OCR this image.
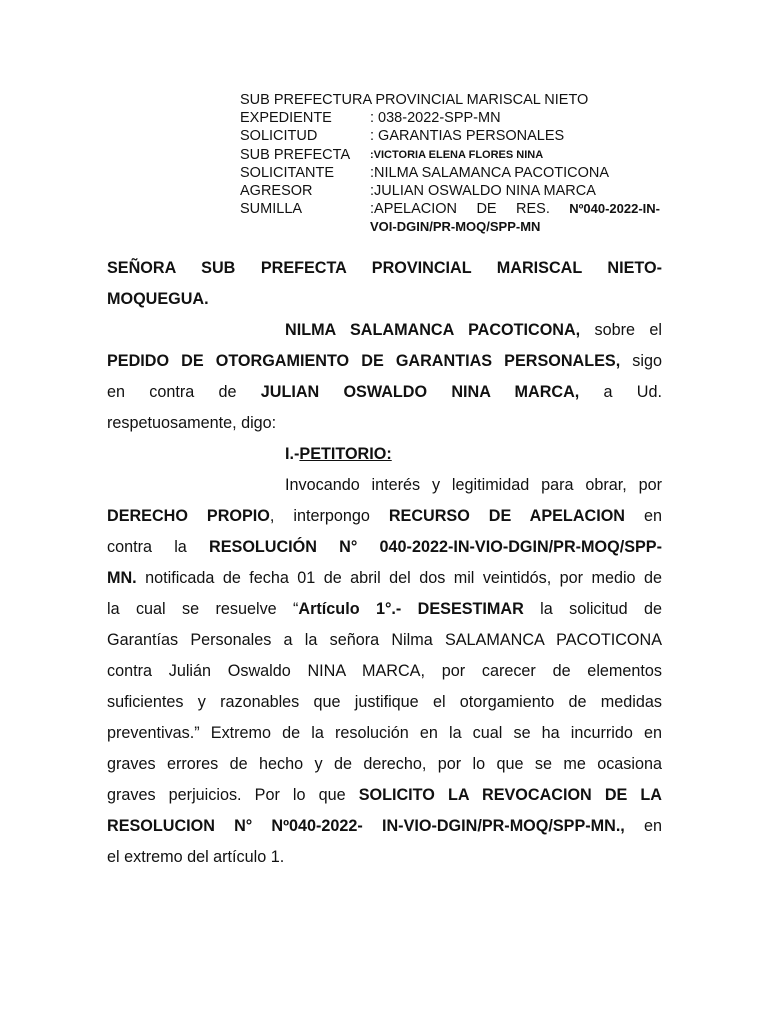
SUB PREFECTURA PROVINCIAL MARISCAL NIETO
EXPEDIENTE	: 038-2022-SPP-MN
SOLICITUD	: GARANTIAS PERSONALES
SUB PREFECTA	:VICTORIA ELENA FLORES NINA
SOLICITANTE	:NILMA SALAMANCA PACOTICONA
AGRESOR	:JULIAN OSWALDO NINA MARCA
SUMILLA	:APELACION DE RES. Nº040-2022-IN-
VOI-DGIN/PR-MOQ/SPP-MN
SEÑORA SUB PREFECTA PROVINCIAL MARISCAL NIETO-
MOQUEGUA.
NILMA SALAMANCA PACOTICONA, sobre el
PEDIDO DE OTORGAMIENTO DE GARANTIAS PERSONALES, sigo
en contra de JULIAN OSWALDO NINA MARCA, a Ud.
respetuosamente, digo:
I.-PETITORIO:
Invocando interés y legitimidad para obrar, por
DERECHO PROPIO, interpongo RECURSO DE APELACION en
contra la RESOLUCIÓN N° 040-2022-IN-VIO-DGIN/PR-MOQ/SPP-
MN. notificada de fecha 01 de abril del dos mil veintidós, por medio de
la cual se resuelve “Artículo 1°.- DESESTIMAR la solicitud de
Garantías Personales a la señora Nilma SALAMANCA PACOTICONA
contra Julián Oswaldo NINA MARCA, por carecer de elementos
suficientes y razonables que justifique el otorgamiento de medidas
preventivas.” Extremo de la resolución en la cual se ha incurrido en
graves errores de hecho y de derecho, por lo que se me ocasiona
graves perjuicios. Por lo que SOLICITO LA REVOCACION DE LA
RESOLUCION N° Nº040-2022- IN-VIO-DGIN/PR-MOQ/SPP-MN., en
el extremo del artículo 1.
